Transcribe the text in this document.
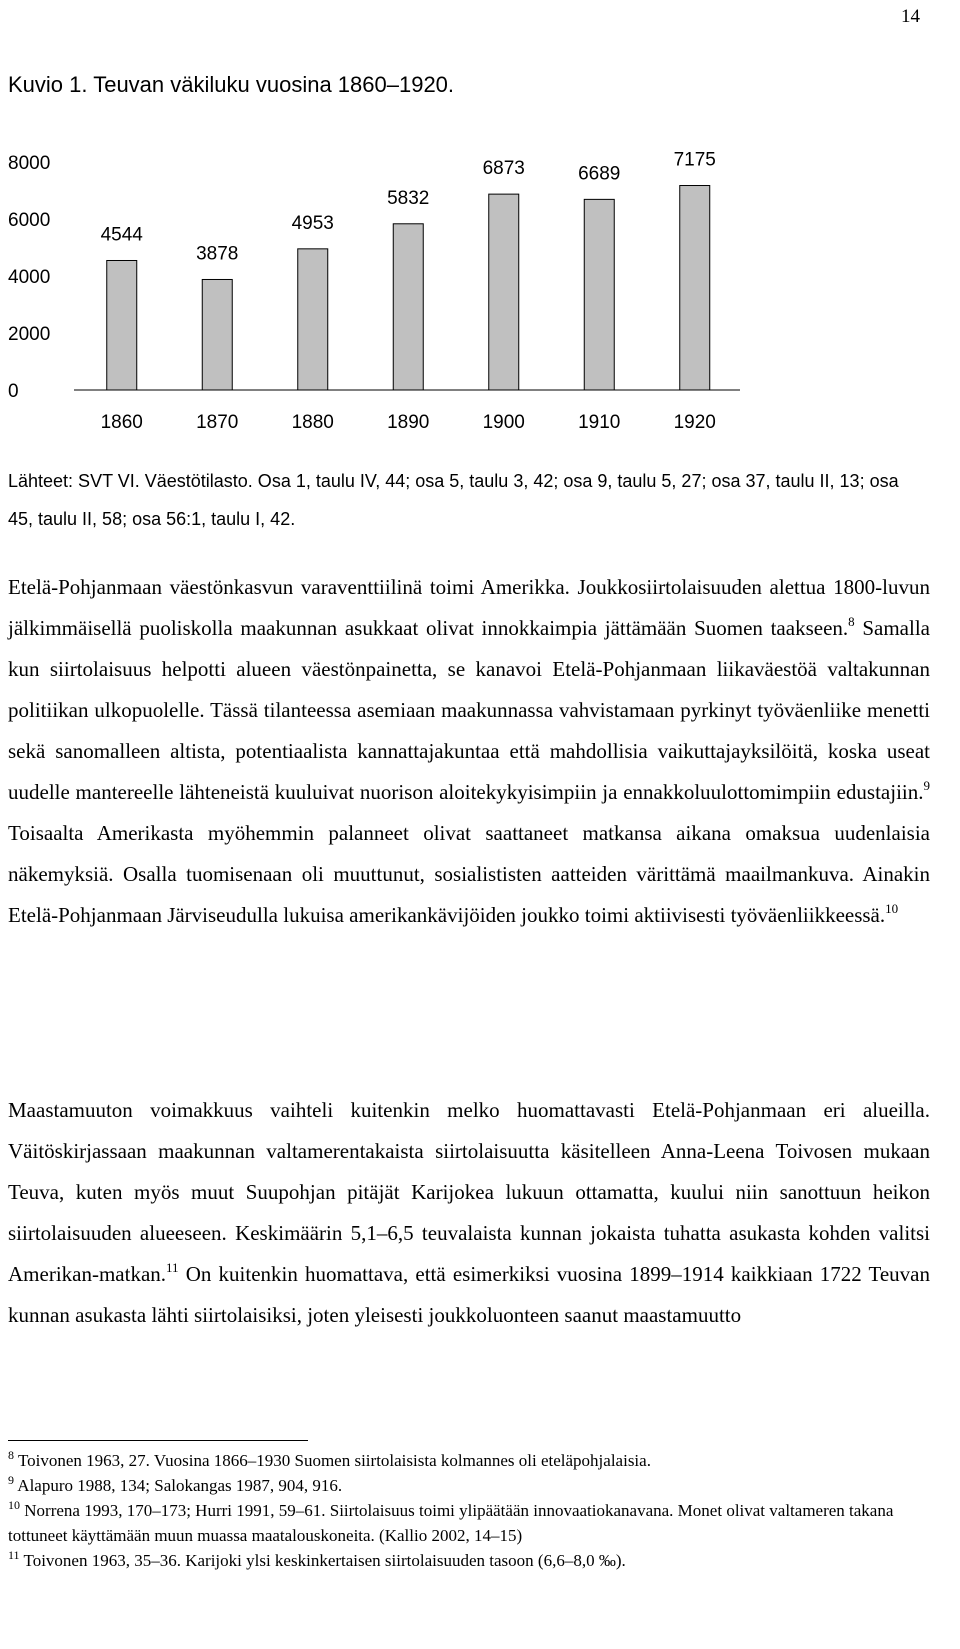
14
Kuvio 1. Teuvan väkiluku vuosina 1860–1920.
0
2000
4000
6000
8000
4544
3878
4953
5832
6873	6689
7175
1860	1870	1880	1890	1900	1910	1920
Lähteet: SVT VI. Väestötilasto. Osa 1, taulu IV, 44; osa 5, taulu 3, 42; osa 9, taulu 5, 27; osa 37, taulu II, 13; osa 45, taulu II, 58; osa 56:1, taulu I, 42.

Etelä-Pohjanmaan väestönkasvun varaventtiilinä toimi Amerikka. Joukkosiirtolaisuuden alettua 1800-luvun jälkimmäisellä puoliskolla maakunnan asukkaat olivat innokkaimpia jättämään Suomen taakseen.$^8$ Samalla kun siirtolaisuus helpotti alueen väestönpainetta, se kanavoi Etelä-Pohjanmaan liikaväestöä valtakunnan politiikan ulkopuolelle. Tässä tilanteessa asemiaan maakunnassa vahvistamaan pyrkinyt työväenliike menetti sekä sanomalleen altista, potentiaalista kannattajakuntaa että mahdollisia vaikuttajayksilöitä, koska useat uudelle mantereelle lähteneistä kuuluivat nuorison aloitekykyisimpiin ja ennakkoluulottomimpiin edustajiin.$^9$ Toisaalta Amerikasta myöhemmin palanneet olivat saattaneet matkansa aikana omaksua uudenlaisia näkemyksiä. Osalla tuomisenaan oli muuttunut, sosialististen aatteiden värittämä maailmankuva. Ainakin Etelä-Pohjanmaan Järviseudulla lukuisa amerikankävijöiden joukko toimi aktiivisesti työväenliikkeessä.$^{10}$

Maastamuuton voimakkuus vaihteli kuitenkin melko huomattavasti Etelä-Pohjanmaan eri alueilla. Väitöskirjassaan maakunnan valtamerentakaista siirtolaisuutta käsitelleen Anna-Leena Toivosen mukaan Teuva, kuten myös muut Suupohjan pitäjät Karijokea lukuun ottamatta, kuului niin sanottuun heikon siirtolaisuuden alueeseen. Keskimäärin 5,1–6,5 teuvalaista kunnan jokaista tuhatta asukasta kohden valitsi Amerikan-matkan.$^{11}$ On kuitenkin huomattava, että esimerkiksi vuosina 1899–1914 kaikkiaan 1722 Teuvan kunnan asukasta lähti siirtolaisiksi, joten yleisesti joukkoluonteen saanut maastamuutto

$^8$ Toivonen 1963, 27. Vuosina 1866–1930 Suomen siirtolaisista kolmannes oli eteläpohjalaisia.

$^9$ Alapuro 1988, 134; Salokangas 1987, 904, 916.

$^{10}$ Norrena 1993, 170–173; Hurri 1991, 59–61. Siirtolaisuus toimi ylipäätään innovaatiokanavana. Monet olivat valtameren takana tottuneet käyttämään muun muassa maatalouskoneita. (Kallio 2002, 14–15)

$^{11}$ Toivonen 1963, 35–36. Karijoki ylsi keskinkertaisen siirtolaisuuden tasoon (6,6–8,0 ‰).
